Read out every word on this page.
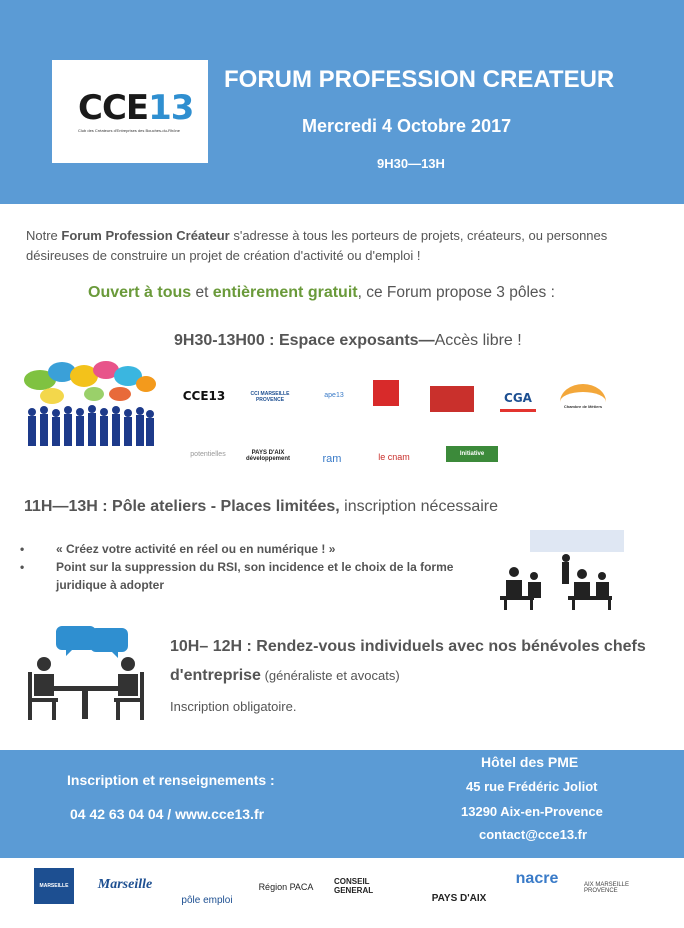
CCE13
Club des Créateurs d'Entreprises des Bouches-du-Rhône
FORUM PROFESSION CREATEUR
Mercredi 4 Octobre 2017
9H30—13H
Notre Forum Profession Créateur s'adresse à tous les porteurs de projets, créateurs, ou personnes désireuses de construire un projet de création d'activité ou d'emploi !
Ouvert à tous et entièrement gratuit, ce Forum propose 3 pôles :
9H30-13H00 : Espace exposants—Accès libre !
CCE13	CCI MARSEILLE PROVENCE
ape13	CGA
Chambre de Métiers
potentielles	PAYS D'AIX développement	ram	le cnam	Initiative
11H—13H : Pôle ateliers - Places limitées, inscription nécessaire
• « Créez votre activité en réel ou en numérique ! »
• Point sur la suppression du RSI, son incidence et le choix de la forme juridique à adopter
10H– 12H : Rendez-vous individuels avec nos bénévoles chefs d'entreprise (généraliste et avocats)
Inscription obligatoire.
Inscription et renseignements :
04 42 63 04 04 / www.cce13.fr
Hôtel des PME
45 rue Frédéric Joliot
13290 Aix-en-Provence
contact@cce13.fr
MARSEILLE	Marseille
pôle emploi
Région PACA
CONSEIL GENERAL
PAYS D'AIX
nacre	AIX MARSEILLE PROVENCE
